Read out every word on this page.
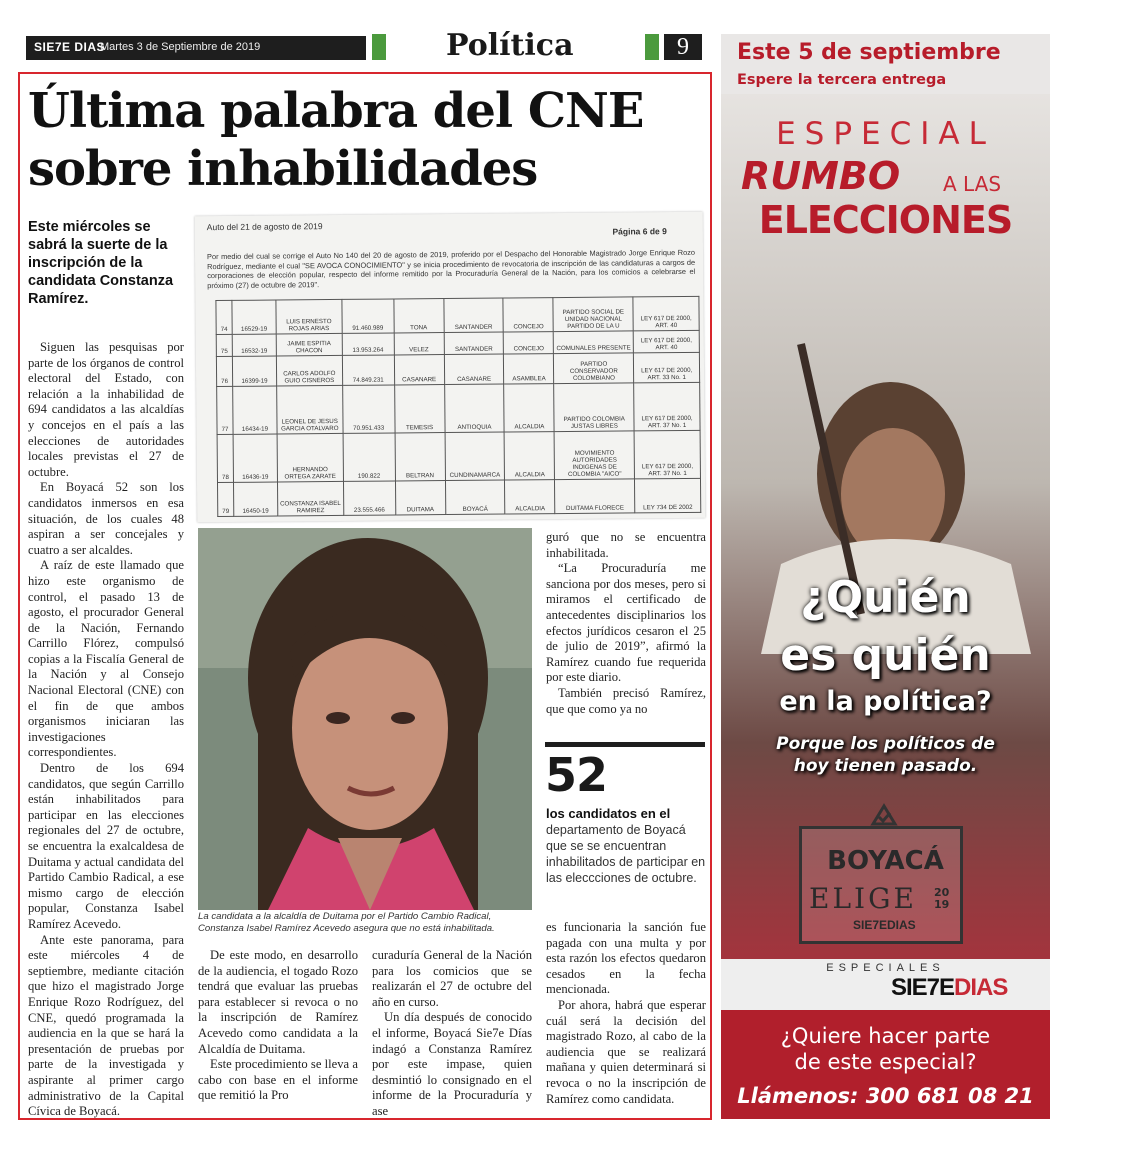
SIE7E DIAS
Martes 3 de Septiembre de 2019	Política	9
Última palabra del CNE sobre inhabilidades
Este miércoles se sabrá la suerte de la inscripción de la candidata Constanza Ramírez.

Siguen las pesquisas por parte de los órganos de control electoral del Estado, con relación a la inhabilidad de 694 candidatos a las alcaldías y concejos en el país a las elecciones de autoridades locales previstas el 27 de octubre.

En Boyacá 52 son los candidatos inmersos en esa situación, de los cuales 48 aspiran a ser concejales y cuatro a ser alcaldes.

A raíz de este llamado que hizo este organismo de control, el pasado 13 de agosto, el procurador General de la Nación, Fernando Carrillo Flórez, compulsó copias a la Fiscalía General de la Nación y al Consejo Nacional Electoral (CNE) con el fin de que ambos organismos iniciaran las investigaciones correspondientes.

Dentro de los 694 candidatos, que según Carrillo están inhabilitados para participar en las elecciones regionales del 27 de octubre, se encuentra la exalcaldesa de Duitama y actual candidata del Partido Cambio Radical, a ese mismo cargo de elección popular, Constanza Isabel Ramírez Acevedo.

Ante este panorama, para este miércoles 4 de septiembre, mediante citación que hizo el magistrado Jorge Enrique Rozo Rodríguez, del CNE, quedó programada la audiencia en la que se hará la presentación de pruebas por parte de la investigada y aspirante al primer cargo administrativo de la Capital Cívica de Boyacá.

Auto del 21 de agosto de 2019	Página 6 de 9
Por medio del cual se corrige el Auto No 140 del 20 de agosto de 2019, proferido por el Despacho del Honorable Magistrado Jorge Enrique Rozo Rodríguez, mediante el cual "SE AVOCA CONOCIMIENTO" y se inicia procedimiento de revocatoria de inscripción de las candidaturas a cargos de corporaciones de elección popular, respecto del informe remitido por la Procuraduría General de la Nación, para los comicios a celebrarse el próximo (27) de octubre de 2019".
74	16529-19	LUIS ERNESTO ROJAS ARIAS	91.460.989	TONA	SANTANDER	CONCEJO	PARTIDO SOCIAL DE UNIDAD NACIONAL PARTIDO DE LA U	LEY 617 DE 2000, ART. 40
75	16532-19	JAIME ESPITIA CHACON	13.953.264	VELEZ	SANTANDER	CONCEJO	COMUNALES PRESENTE	LEY 617 DE 2000, ART. 40
76	16399-19	CARLOS ADOLFO GUIO CISNEROS	74.849.231	CASANARE	CASANARE	ASAMBLEA	PARTIDO CONSERVADOR COLOMBIANO	LEY 617 DE 2000, ART. 33 No. 1
77	16434-19	LEONEL DE JESUS GARCIA OTALVARO	70.951.433	TEMESIS	ANTIOQUIA	ALCALDIA	PARTIDO COLOMBIA JUSTAS LIBRES	LEY 617 DE 2000, ART. 37 No. 1
78	16436-19	HERNANDO ORTEGA ZARATE	190.822	BELTRAN	CUNDINAMARCA	ALCALDIA	MOVIMIENTO AUTORIDADES INDIGENAS DE COLOMBIA "AICO"	LEY 617 DE 2000, ART. 37 No. 1
79	16450-19	CONSTANZA ISABEL RAMIREZ	23.555.466	DUITAMA	BOYACÁ	ALCALDIA	DUITAMA FLORECE	LEY 734 DE 2002
La candidata a la alcaldía de Duitama por el Partido Cambio Radical, Constanza Isabel Ramírez Acevedo asegura que no está inhabilitada.

De este modo, en desarrollo de la audiencia, el togado Rozo tendrá que evaluar las pruebas para establecer si revoca o no la inscripción de Ramírez Acevedo como candidata a la Alcaldía de Duitama.

Este procedimiento se lleva a cabo con base en el informe que remitió la Pro

curaduría General de la Nación para los comicios que se realizarán el 27 de octubre del año en curso.

Un día después de conocido el informe, Boyacá Sie7e Días indagó a Constanza Ramírez por este impase, quien desmintió lo consignado en el informe de la Procuraduría y ase

guró que no se encuentra inhabilitada.

“La Procuraduría me sanciona por dos meses, pero si miramos el certificado de antecedentes disciplinarios los efectos jurídicos cesaron el 25 de julio de 2019”, afirmó la Ramírez cuando fue requerida por este diario.

También precisó Ramírez, que que como ya no

52
los candidatos en el
departamento de Boyacá que se se encuentran inhabilitados de participar en las eleccciones de octubre.

es funcionaria la sanción fue pagada con una multa y por esta razón los efectos quedaron cesados en la fecha mencionada.

Por ahora, habrá que esperar cuál será la decisión del magistrado Rozo, al cabo de la audiencia que se realizará mañana y quien determinará si revoca o no la inscripción de Ramírez como candidata.

Este 5 de septiembre
Espere la tercera entrega
ESPECIAL
RUMBO A LAS
ELECCIONES
¿Quién
es quién
en la política?
Porque los políticos de
hoy tienen pasado.
BOYACÁ
ELIGE 20
19
SIE7EDIAS
ESPECIALES
SIE7E DIAS
¿Quiere hacer parte
de este especial?
Llámenos: 300 681 08 21
